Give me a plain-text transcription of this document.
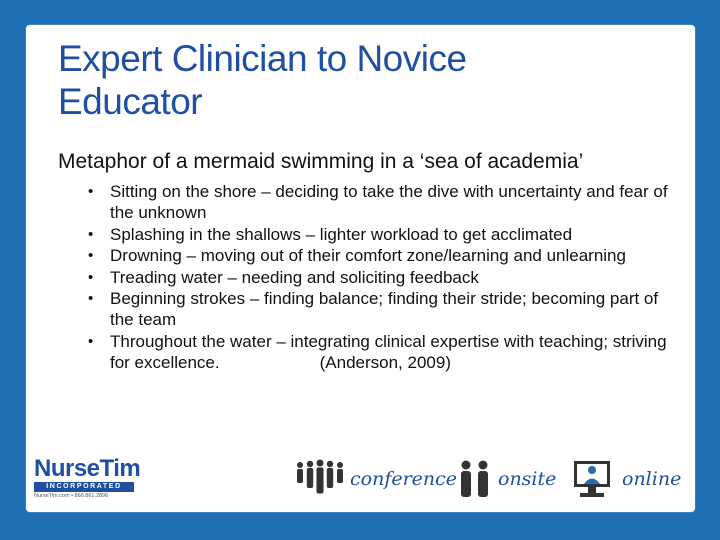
Expert Clinician to Novice
Educator
Metaphor of a mermaid swimming in a ‘sea of academia’
• Sitting on the shore – deciding to take the dive with uncertainty and fear of the unknown
• Splashing in the shallows – lighter workload to get acclimated
• Drowning – moving out of their comfort zone/learning and unlearning
• Treading water – needing and soliciting feedback
• Beginning strokes – finding balance; finding their stride; becoming part of the team
• Throughout the water – integrating clinical expertise with teaching; striving for excellence.	(Anderson, 2009)
NurseTim
INCORPORATED
NurseTim.com • 866.861.2896
conference onsite	online
